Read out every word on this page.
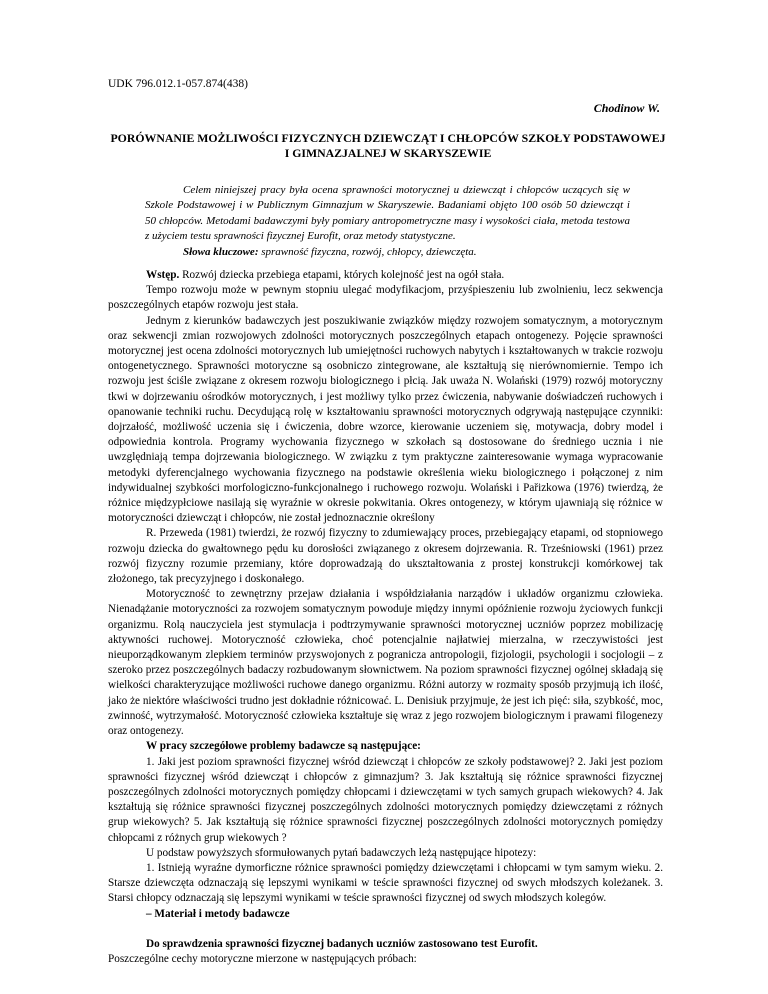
UDK 796.012.1-057.874(438)
Chodinow W.
PORÓWNANIE MOŻLIWOŚCI FIZYCZNYCH DZIEWCZĄT I CHŁOPCÓW SZKOŁY PODSTAWOWEJ I GIMNAZJALNEJ W SKARYSZEWIE

Celem niniejszej pracy była ocena sprawności motorycznej u dziewcząt i chłopców uczących się w Szkole Podstawowej i w Publicznym Gimnazjum w Skaryszewie. Badaniami objęto 100 osób 50 dziewcząt i 50 chłopców. Metodami badawczymi były pomiary antropometryczne masy i wysokości ciała, metoda testowa z użyciem testu sprawności fizycznej Eurofit, oraz metody statystyczne.

Słowa kluczowe: sprawność fizyczna, rozwój, chłopcy, dziewczęta.

Wstęp. Rozwój dziecka przebiega etapami, których kolejność jest na ogół stała.

Tempo rozwoju może w pewnym stopniu ulegać modyfikacjom, przyśpieszeniu lub zwolnieniu, lecz sekwencja poszczególnych etapów rozwoju jest stała.

Jednym z kierunków badawczych jest poszukiwanie związków między rozwojem somatycznym, a motorycznym oraz sekwencji zmian rozwojowych zdolności motorycznych poszczególnych etapach ontogenezy. Pojęcie sprawności motorycznej jest ocena zdolności motorycznych lub umiejętności ruchowych nabytych i kształtowanych w trakcie rozwoju ontogenetycznego. Sprawności motoryczne są osobniczo zintegrowane, ale kształtują się nierównomiernie. Tempo ich rozwoju jest ściśle związane z okresem rozwoju biologicznego i płcią. Jak uważa N. Wolański (1979) rozwój motoryczny tkwi w dojrzewaniu ośrodków motorycznych, i jest możliwy tylko przez ćwiczenia, nabywanie doświadczeń ruchowych i opanowanie techniki ruchu. Decydującą rolę w kształtowaniu sprawności motorycznych odgrywają następujące czynniki: dojrzałość, możliwość uczenia się i ćwiczenia, dobre wzorce, kierowanie uczeniem się, motywacja, dobry model i odpowiednia kontrola. Programy wychowania fizycznego w szkołach są dostosowane do średniego ucznia i nie uwzględniają tempa dojrzewania biologicznego. W związku z tym praktyczne zainteresowanie wymaga wypracowanie metodyki dyferencjalnego wychowania fizycznego na podstawie określenia wieku biologicznego i połączonej z nim indywidualnej szybkości morfologiczno-funkcjonalnego i ruchowego rozwoju. Wolański i Pařizkowa (1976) twierdzą, że różnice międzypłciowe nasilają się wyraźnie w okresie pokwitania. Okres ontogenezy, w którym ujawniają się różnice w motoryczności dziewcząt i chłopców, nie został jednoznacznie określony

R. Przeweda (1981) twierdzi, że rozwój fizyczny to zdumiewający proces, przebiegający etapami, od stopniowego rozwoju dziecka do gwałtownego pędu ku dorosłości związanego z okresem dojrzewania. R. Trześniowski (1961) przez rozwój fizyczny rozumie przemiany, które doprowadzają do ukształtowania z prostej konstrukcji komórkowej tak złożonego, tak precyzyjnego i doskonałego.

Motoryczność to zewnętrzny przejaw działania i współdziałania narządów i układów organizmu człowieka. Nienadążanie motoryczności za rozwojem somatycznym powoduje między innymi opóźnienie rozwoju życiowych funkcji organizmu. Rolą nauczyciela jest stymulacja i podtrzymywanie sprawności motorycznej uczniów poprzez mobilizację aktywności ruchowej. Motoryczność człowieka, choć potencjalnie najłatwiej mierzalna, w rzeczywistości jest nieuporządkowanym zlepkiem terminów przyswojonych z pogranicza antropologii, fizjologii, psychologii i socjologii – z szeroko przez poszczególnych badaczy rozbudowanym słownictwem. Na poziom sprawności fizycznej ogólnej składają się wielkości charakteryzujące możliwości ruchowe danego organizmu. Różni autorzy w rozmaity sposób przyjmują ich ilość, jako że niektóre właściwości trudno jest dokładnie różnicować. L. Denisiuk przyjmuje, że jest ich pięć: siła, szybkość, moc, zwinność, wytrzymałość. Motoryczność człowieka kształtuje się wraz z jego rozwojem biologicznym i prawami filogenezy oraz ontogenezy.

W pracy szczegółowe problemy badawcze są następujące:

1. Jaki jest poziom sprawności fizycznej wśród dziewcząt i chłopców ze szkoły podstawowej? 2. Jaki jest poziom sprawności fizycznej wśród dziewcząt i chłopców z gimnazjum? 3. Jak kształtują się różnice sprawności fizycznej poszczególnych zdolności motorycznych pomiędzy chłopcami i dziewczętami w tych samych grupach wiekowych? 4. Jak kształtują się różnice sprawności fizycznej poszczególnych zdolności motorycznych pomiędzy dziewczętami z różnych grup wiekowych? 5. Jak kształtują się różnice sprawności fizycznej poszczególnych zdolności motorycznych pomiędzy chłopcami z różnych grup wiekowych ?

U podstaw powyższych sformułowanych pytań badawczych leżą następujące hipotezy:

1. Istnieją wyraźne dymorficzne różnice sprawności pomiędzy dziewczętami i chłopcami w tym samym wieku. 2. Starsze dziewczęta odznaczają się lepszymi wynikami w teście sprawności fizycznej od swych młodszych koleżanek. 3. Starsi chłopcy odznaczają się lepszymi wynikami w teście sprawności fizycznej od swych młodszych kolegów.

– Materiał i metody badawcze

Do sprawdzenia sprawności fizycznej badanych uczniów zastosowano test Eurofit.

Poszczególne cechy motoryczne mierzone w następujących próbach:
